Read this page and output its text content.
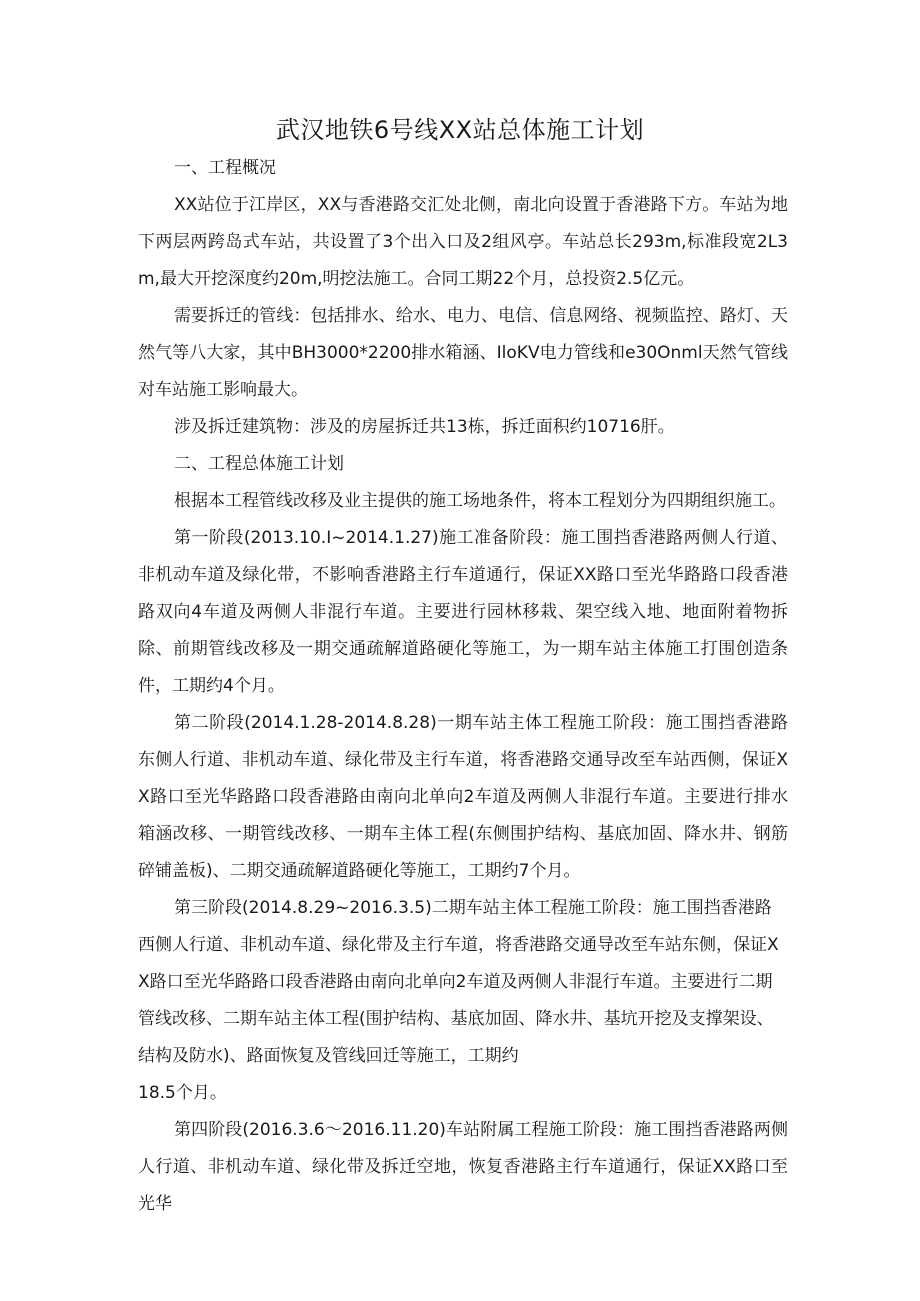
武汉地铁6号线XX站总体施工计划
一、工程概况

XX站位于江岸区，XX与香港路交汇处北侧，南北向设置于香港路下方。车站为地下两层两跨岛式车站，共设置了3个出入口及2组风亭。车站总长293m,标准段宽2L3m,最大开挖深度约20m,明挖法施工。合同工期22个月，总投资2.5亿元。

需要拆迁的管线：包括排水、给水、电力、电信、信息网络、视频监控、路灯、天然气等八大家，其中BH3000*2200排水箱涵、IloKV电力管线和e30Onml天然气管线对车站施工影响最大。

涉及拆迁建筑物：涉及的房屋拆迁共13栋，拆迁面积约10716肝。

二、工程总体施工计划

根据本工程管线改移及业主提供的施工场地条件，将本工程划分为四期组织施工。

第一阶段(2013.10.I~2014.1.27)施工准备阶段：施工围挡香港路两侧人行道、非机动车道及绿化带，不影响香港路主行车道通行，保证XX路口至光华路路口段香港路双向4车道及两侧人非混行车道。主要进行园林移栽、架空线入地、地面附着物拆除、前期管线改移及一期交通疏解道路硬化等施工，为一期车站主体施工打围创造条件，工期约4个月。

第二阶段(2014.1.28-2014.8.28)一期车站主体工程施工阶段：施工围挡香港路东侧人行道、非机动车道、绿化带及主行车道，将香港路交通导改至车站西侧，保证XX路口至光华路路口段香港路由南向北单向2车道及两侧人非混行车道。主要进行排水箱涵改移、一期管线改移、一期车主体工程(东侧围护结构、基底加固、降水井、钢筋碎铺盖板)、二期交通疏解道路硬化等施工，工期约7个月。

第三阶段(2014.8.29~2016.3.5)二期车站主体工程施工阶段：施工围挡香港路西侧人行道、非机动车道、绿化带及主行车道，将香港路交通导改至车站东侧，保证XX路口至光华路路口段香港路由南向北单向2车道及两侧人非混行车道。主要进行二期管线改移、二期车站主体工程(围护结构、基底加固、降水井、基坑开挖及支撑架设、结构及防水)、路面恢复及管线回迁等施工，工期约

18.5个月。

第四阶段(2016.3.6～2016.11.20)车站附属工程施工阶段：施工围挡香港路两侧人行道、非机动车道、绿化带及拆迁空地，恢复香港路主行车道通行，保证XX路口至光华
